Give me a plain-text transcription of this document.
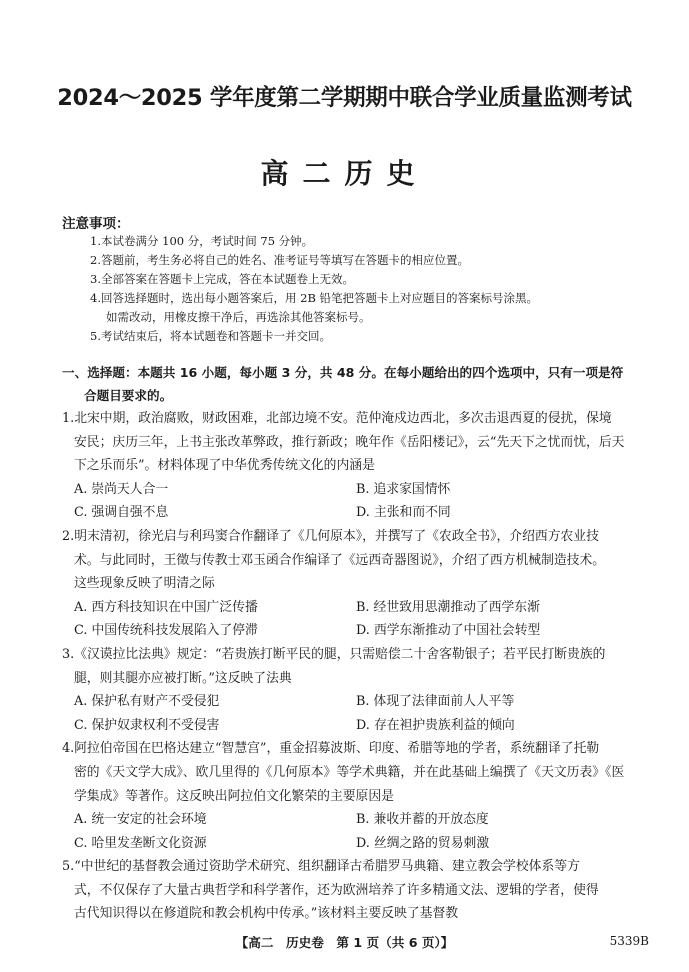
2024～2025 学年度第二学期期中联合学业质量监测考试
高二历史
注意事项：
1.本试卷满分 100 分，考试时间 75 分钟。
2.答题前，考生务必将自己的姓名、准考证号等填写在答题卡的相应位置。
3.全部答案在答题卡上完成，答在本试题卷上无效。
4.回答选择题时，选出每小题答案后，用 2B 铅笔把答题卡上对应题目的答案标号涂黑。
如需改动，用橡皮擦干净后，再选涂其他答案标号。
5.考试结束后，将本试题卷和答题卡一并交回。
一、选择题：本题共 16 小题，每小题 3 分，共 48 分。在每小题给出的四个选项中，只有一项是符
合题目要求的。
1.北宋中期，政治腐败，财政困难，北部边境不安。范仲淹戍边西北，多次击退西夏的侵扰，保境
安民；庆历三年，上书主张改革弊政，推行新政；晚年作《岳阳楼记》，云“先天下之忧而忧，后天
下之乐而乐”。材料体现了中华优秀传统文化的内涵是
A. 崇尚天人合一	B. 追求家国情怀
C. 强调自强不息	D. 主张和而不同
2.明末清初，徐光启与利玛窦合作翻译了《几何原本》，并撰写了《农政全书》，介绍西方农业技
术。与此同时，王徵与传教士邓玉函合作编译了《远西奇器图说》，介绍了西方机械制造技术。
这些现象反映了明清之际
A. 西方科技知识在中国广泛传播	B. 经世致用思潮推动了西学东渐
C. 中国传统科技发展陷入了停滞	D. 西学东渐推动了中国社会转型
3.《汉谟拉比法典》规定：“若贵族打断平民的腿，只需赔偿二十舍客勒银子；若平民打断贵族的
腿，则其腿亦应被打断。”这反映了法典
A. 保护私有财产不受侵犯	B. 体现了法律面前人人平等
C. 保护奴隶权利不受侵害	D. 存在袒护贵族利益的倾向
4.阿拉伯帝国在巴格达建立“智慧宫”，重金招募波斯、印度、希腊等地的学者，系统翻译了托勒
密的《天文学大成》、欧几里得的《几何原本》等学术典籍，并在此基础上编撰了《天文历表》《医
学集成》等著作。这反映出阿拉伯文化繁荣的主要原因是
A. 统一安定的社会环境	B. 兼收并蓄的开放态度
C. 哈里发垄断文化资源	D. 丝绸之路的贸易刺激
5.“中世纪的基督教会通过资助学术研究、组织翻译古希腊罗马典籍、建立教会学校体系等方
式，不仅保存了大量古典哲学和科学著作，还为欧洲培养了许多精通文法、逻辑的学者，使得
古代知识得以在修道院和教会机构中传承。”该材料主要反映了基督教
【高二　历史卷　第 1 页（共 6 页）】	5339B
